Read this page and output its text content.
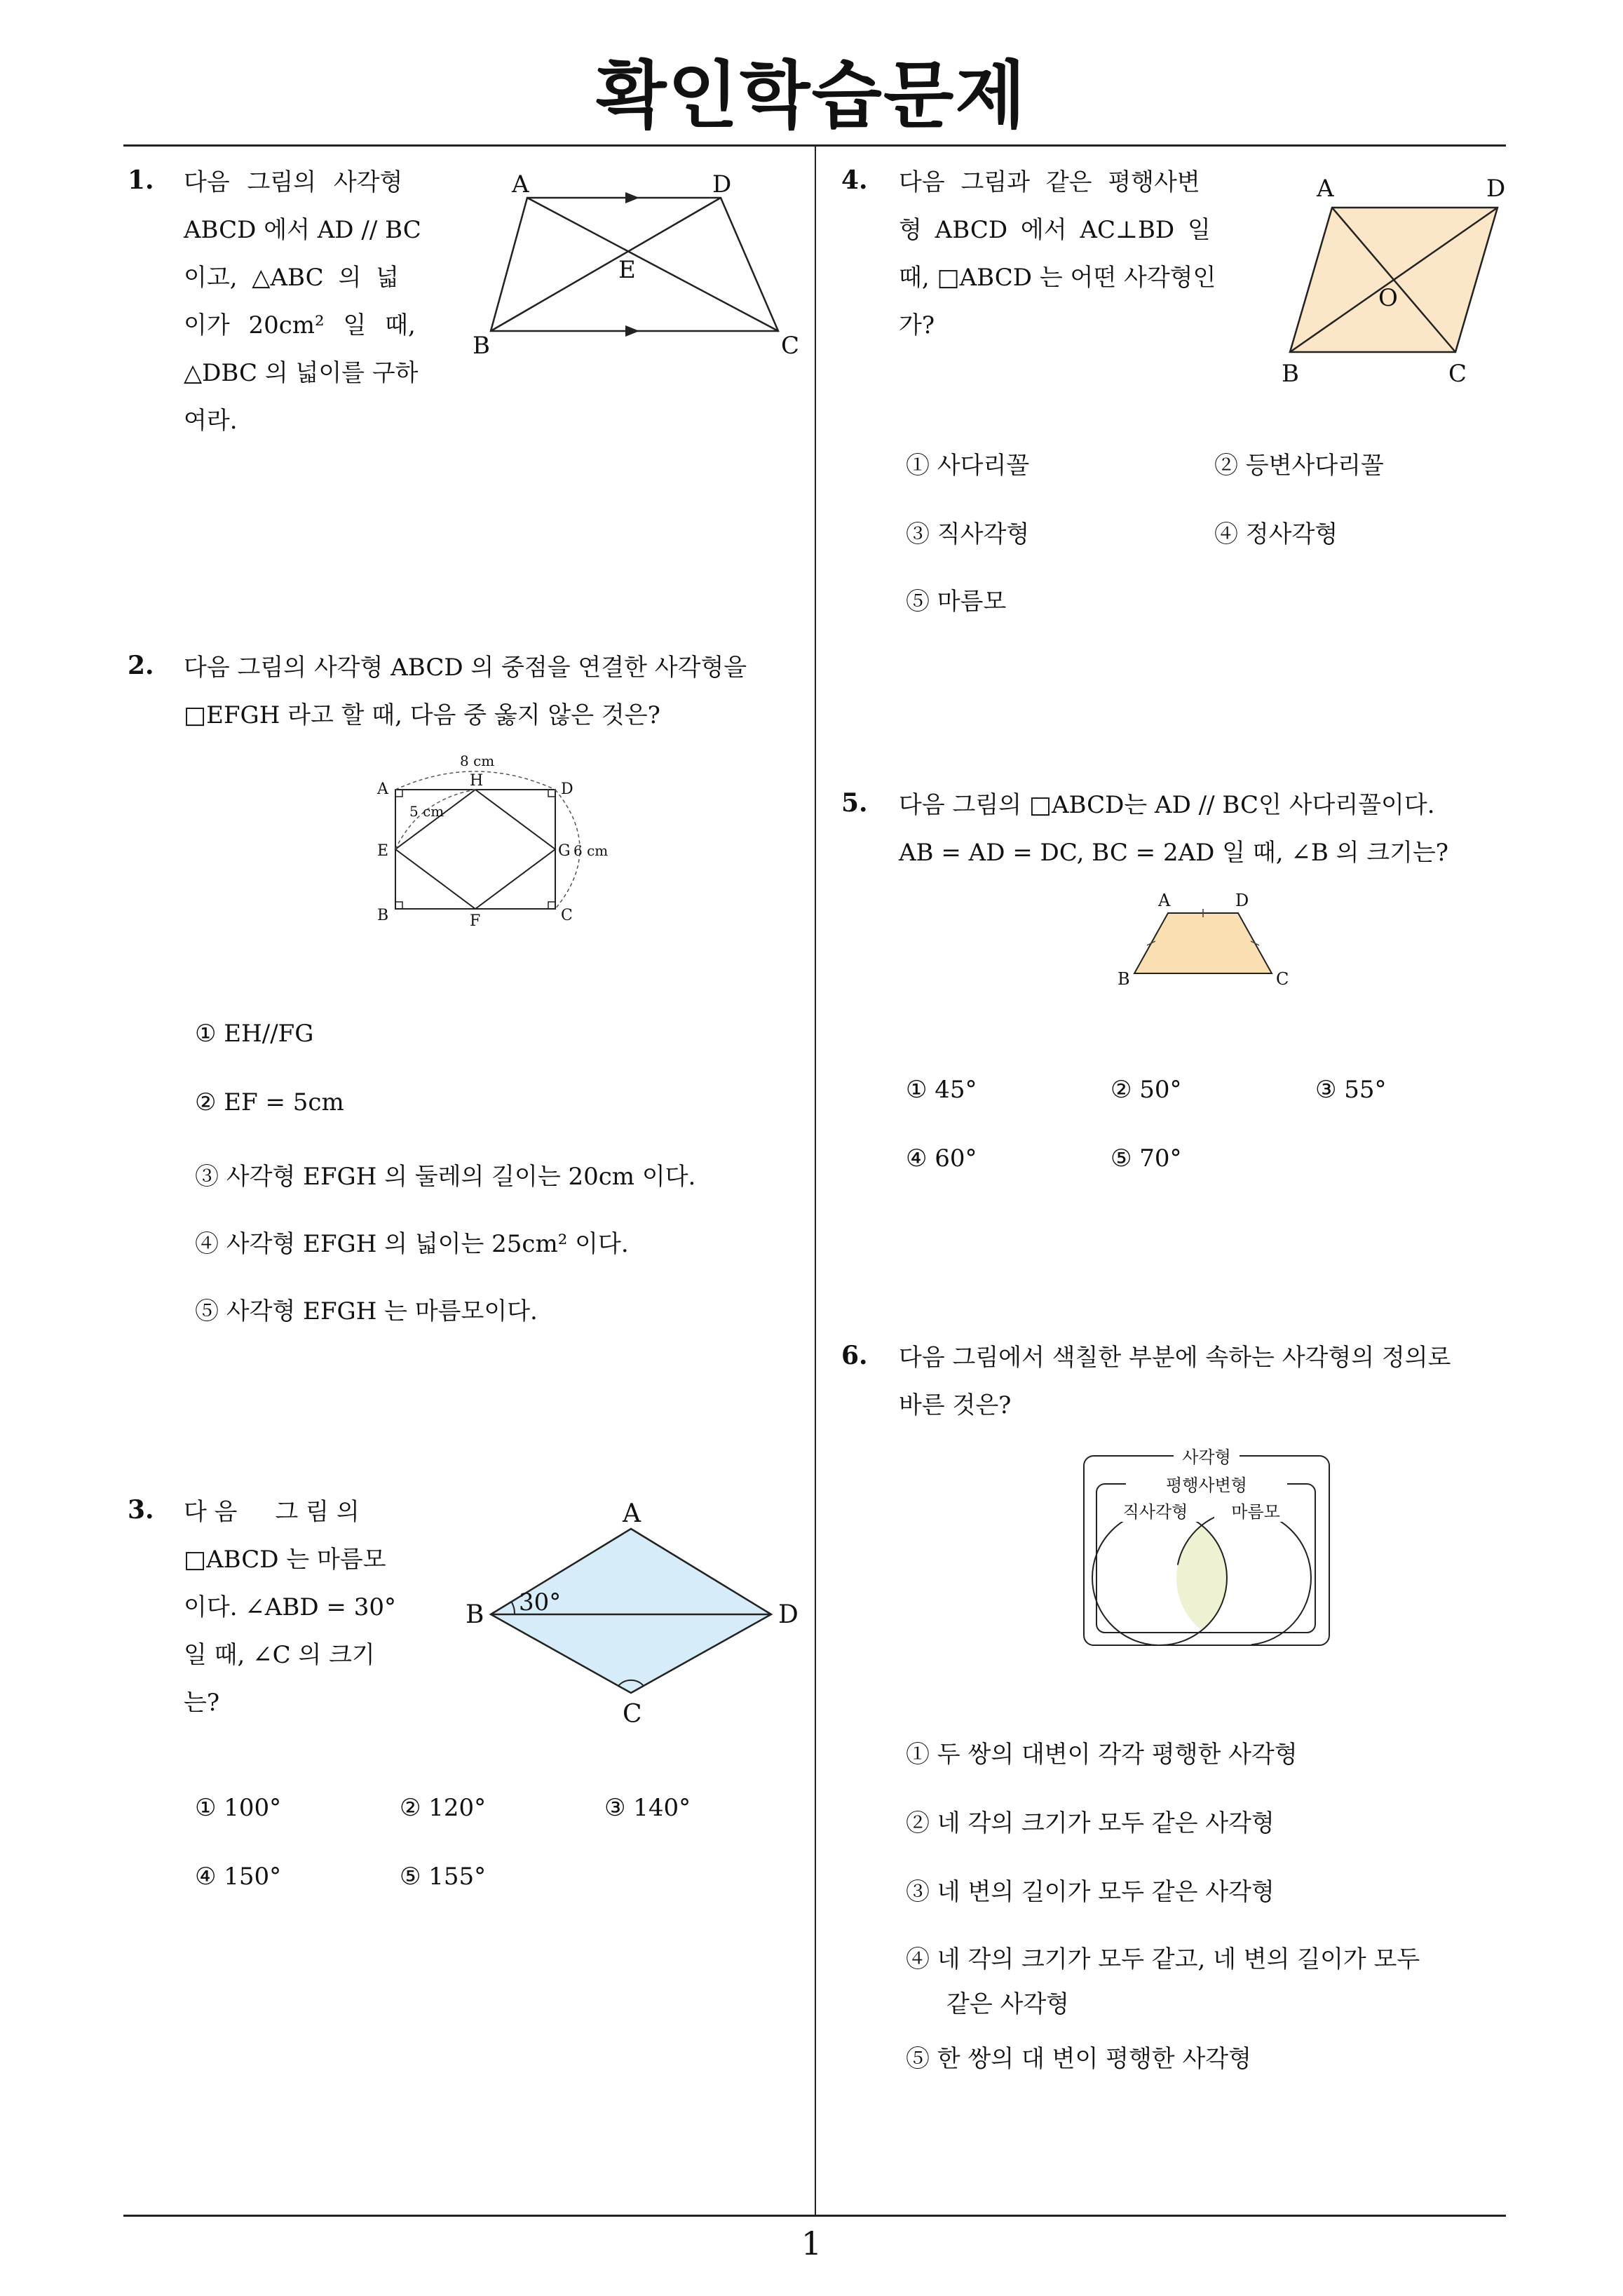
확인학습문제
1
1. 다음 그림의 사각형
ABCD 에서 AD // BC
이고, △ABC 의 넓
이가 20cm² 일 때,
△DBC 의 넓이를 구하
여라.
A	D
E
B	C
2. 다음 그림의 사각형 ABCD 의 중점을 연결한 사각형을
□EFGH 라고 할 때, 다음 중 옳지 않은 것은?
A	H	D
E	G
B	F	C
8 cm
5 cm
6 cm
① EH//FG
② EF = 5cm
③ 사각형 EFGH 의 둘레의 길이는 20cm 이다.
④ 사각형 EFGH 의 넓이는 25cm² 이다.
⑤ 사각형 EFGH 는 마름모이다.
3. 다 음     그 림 의
□ABCD 는 마름모
이다. ∠ABD = 30°
일 때, ∠C 의 크기
는?
30°
A
B	D
C
① 100°	② 120°	③ 140°
④ 150°	⑤ 155°
4. 다음 그림과 같은 평행사변
형 ABCD 에서 AC⊥BD 일
때, □ABCD 는 어떤 사각형인
가?
A	D
O
B	C
① 사다리꼴	② 등변사다리꼴
③ 직사각형	④ 정사각형
⑤ 마름모
5. 다음 그림의 □ABCD는 AD // BC인 사다리꼴이다.
AB = AD = DC, BC = 2AD 일 때, ∠B 의 크기는?
A	D
B	C
① 45°	② 50°	③ 55°
④ 60°	⑤ 70°
6. 다음 그림에서 색칠한 부분에 속하는 사각형의 정의로
바른 것은?
사각형
평행사변형
직사각형	마름모
① 두 쌍의 대변이 각각 평행한 사각형
② 네 각의 크기가 모두 같은 사각형
③ 네 변의 길이가 모두 같은 사각형
④ 네 각의 크기가 모두 같고, 네 변의 길이가 모두
같은 사각형
⑤ 한 쌍의 대 변이 평행한 사각형
